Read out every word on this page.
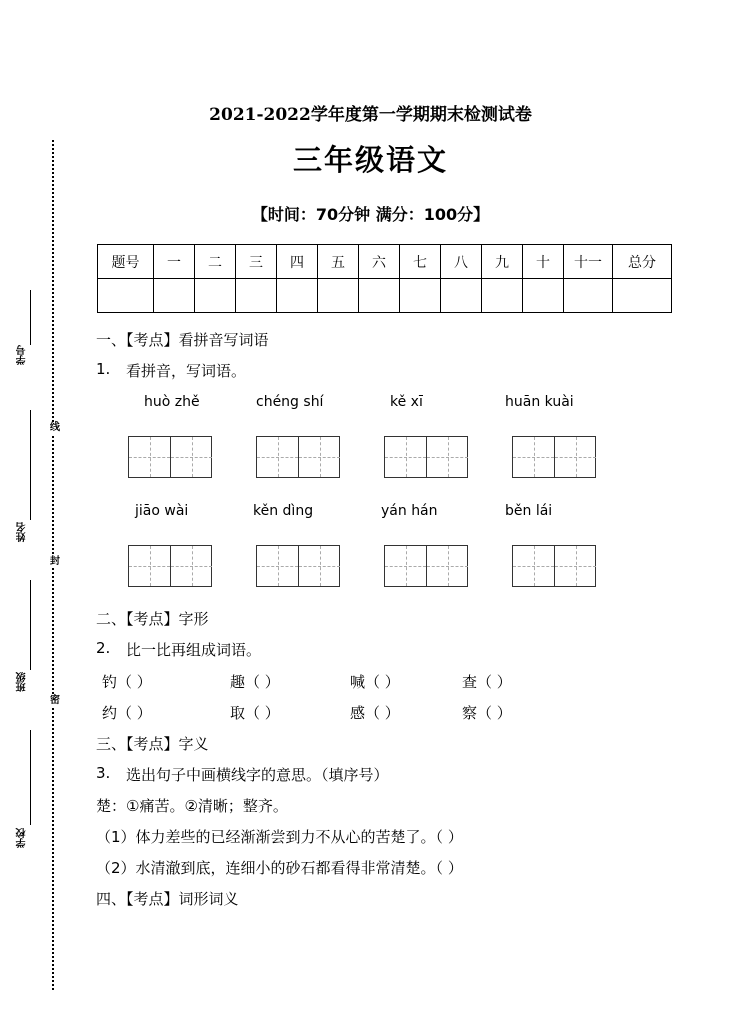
学号
姓名
班级
学校
线
封
密
2021-2022学年度第一学期期末检测试卷
三年级语文
【时间：70分钟 满分：100分】
题号	一	二	三	四	五	六	七	八	九	十	十一	总分

一、【考点】看拼音写词语
1. 看拼音，写词语。
huò zhě	chéng shí	kě xī	huān kuài
jiāo wài	kěn dìng	yán hán	běn lái
二、【考点】字形
2. 比一比再组成词语。
钓（ ）	趣（ ）	喊（ ）	查（ ）
约（ ）	取（ ）	感（ ）	察（ ）
三、【考点】字义
3. 选出句子中画横线字的意思。（填序号）
楚：①痛苦。②清晰；整齐。
（1）体力差些的已经渐渐尝到力不从心的苦楚了。（ ）
（2）水清澈到底，连细小的砂石都看得非常清楚。（ ）
四、【考点】词形词义
